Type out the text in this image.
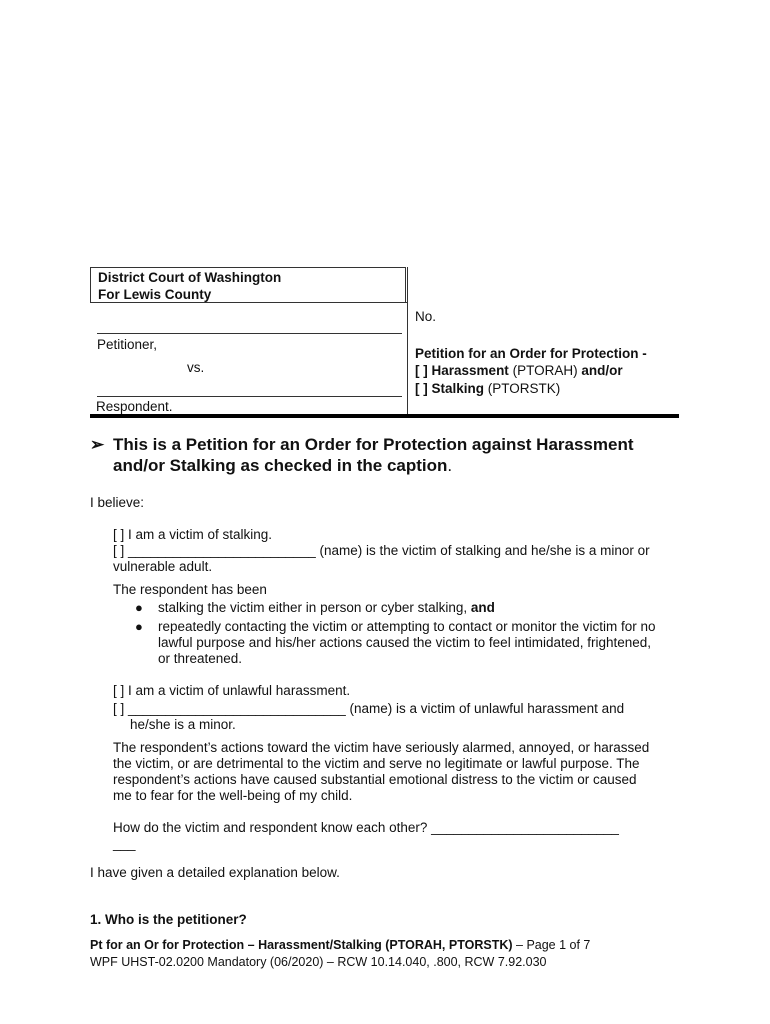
District Court of Washington
For Lewis County
Petitioner,
vs.
Respondent.
No.
Petition for an Order for Protection -
[ ] Harassment (PTORAH) and/or
[ ] Stalking (PTORSTK)
➢ This is a Petition for an Order for Protection against Harassment and/or Stalking as checked in the caption.
I believe:
[ ] I am a victim of stalking.
[ ] _________________________ (name) is the victim of stalking and he/she is a minor or
vulnerable adult.
The respondent has been
● stalking the victim either in person or cyber stalking, and
● repeatedly contacting the victim or attempting to contact or monitor the victim for no
lawful purpose and his/her actions caused the victim to feel intimidated, frightened,
or threatened.
[ ] I am a victim of unlawful harassment.
[ ] _____________________________ (name) is a victim of unlawful harassment and
he/she is a minor.
The respondent’s actions toward the victim have seriously alarmed, annoyed, or harassed
the victim, or are detrimental to the victim and serve no legitimate or lawful purpose. The
respondent’s actions have caused substantial emotional distress to the victim or caused
me to fear for the well-being of my child.
How do the victim and respondent know each other? _________________________
___
I have given a detailed explanation below.
1. Who is the petitioner?
Pt for an Or for Protection – Harassment/Stalking (PTORAH, PTORSTK) – Page 1 of 7
WPF UHST-02.0200 Mandatory (06/2020) – RCW 10.14.040, .800, RCW 7.92.030
